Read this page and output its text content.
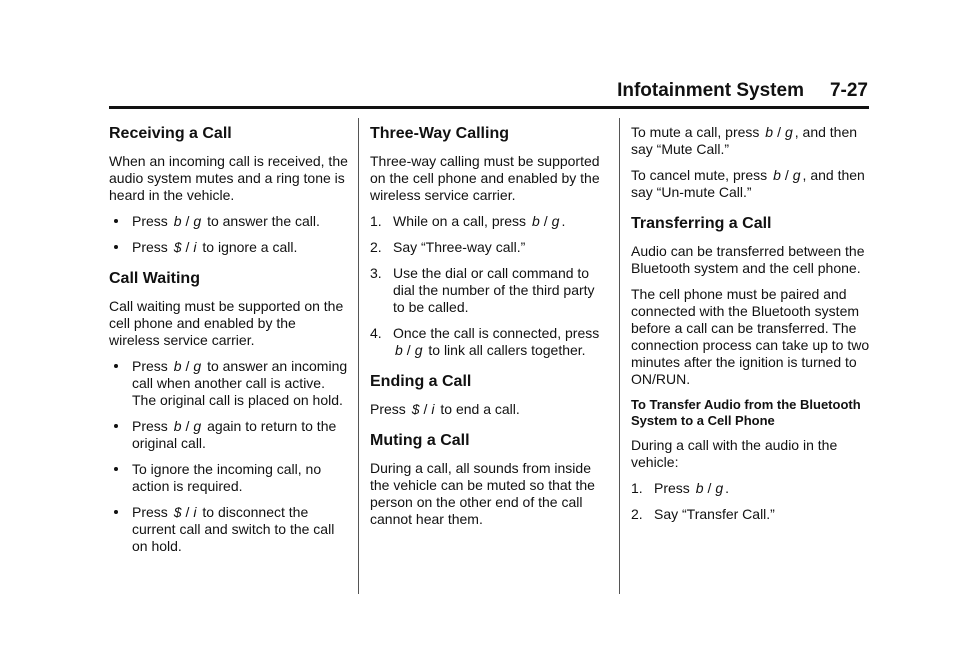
Infotainment System 7-27
Receiving a Call

When an incoming call is received, the audio system mutes and a ring tone is heard in the vehicle.

Press b / g to answer the call.
Press $ / i to ignore a call.
Call Waiting

Call waiting must be supported on the cell phone and enabled by the wireless service carrier.

Press b / g to answer an incoming call when another call is active. The original call is placed on hold.
Press b / g again to return to the original call.
To ignore the incoming call, no action is required.
Press $ / i to disconnect the current call and switch to the call on hold.
Three-Way Calling

Three-way calling must be supported on the cell phone and enabled by the wireless service carrier.

1. While on a call, press b / g .
2. Say “Three-way call.”
3. Use the dial or call command to dial the number of the third party to be called.
4. Once the call is connected, press b / g to link all callers together.
Ending a Call

Press $ / i to end a call.

Muting a Call

During a call, all sounds from inside the vehicle can be muted so that the person on the other end of the call cannot hear them.

To mute a call, press b / g , and then say “Mute Call.”

To cancel mute, press b / g , and then say “Un-mute Call.”

Transferring a Call

Audio can be transferred between the Bluetooth system and the cell phone.

The cell phone must be paired and connected with the Bluetooth system before a call can be transferred. The connection process can take up to two minutes after the ignition is turned to ON/RUN.

To Transfer Audio from the Bluetooth System to a Cell Phone

During a call with the audio in the vehicle:

1. Press b / g .
2. Say “Transfer Call.”
